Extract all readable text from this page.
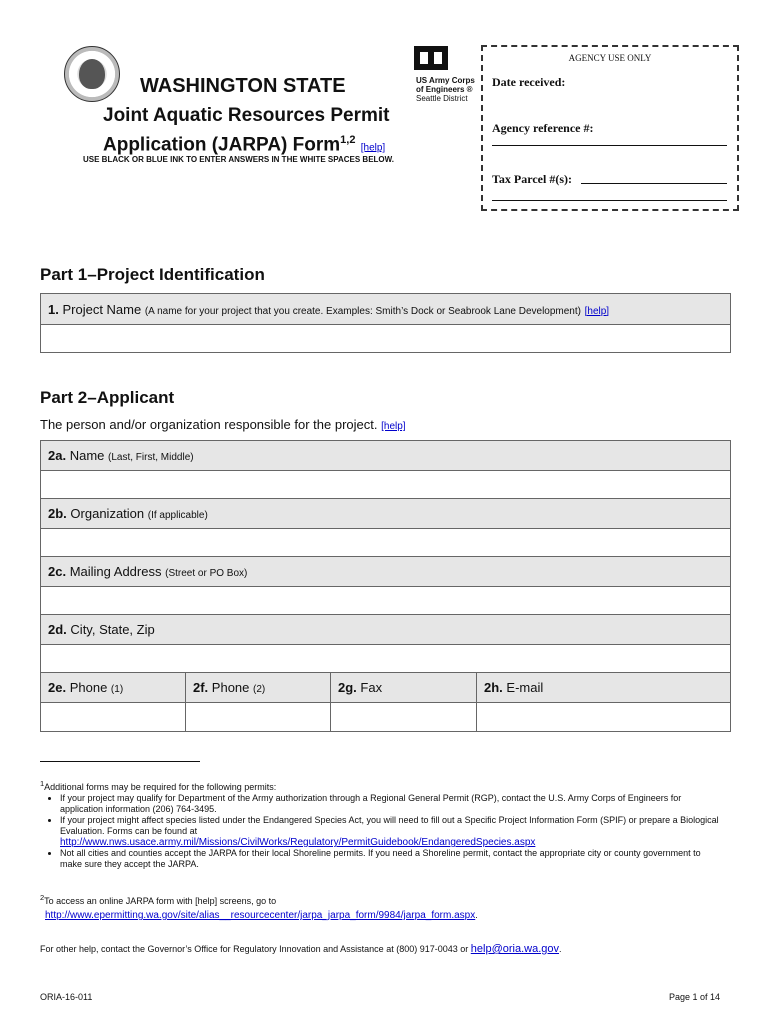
US Army Corps
of Engineers ®
Seattle District
WASHINGTON STATE
Joint Aquatic Resources Permit
Application (JARPA) Form$^{1,2}$ [help]
USE BLACK OR BLUE INK TO ENTER ANSWERS IN THE WHITE SPACES BELOW.
AGENCY USE ONLY
Date received:
Agency reference #:
Tax Parcel #(s):
Part 1–Project Identification
1. Project Name (A name for your project that you create. Examples: Smith’s Dock or Seabrook Lane Development) [help]

Part 2–Applicant
The person and/or organization responsible for the project. [help]
2a. Name (Last, First, Middle)			

2b. Organization (If applicable)			

2c. Mailing Address (Street or PO Box)			

2d. City, State, Zip			

2e. Phone (1)	2f. Phone (2)	2g. Fax	2h. E-mail

$^1$Additional forms may be required for the following permits:
• If your project may qualify for Department of the Army authorization through a Regional General Permit (RGP), contact the U.S. Army Corps of Engineers for application information (206) 764-3495.
• If your project might affect species listed under the Endangered Species Act, you will need to fill out a Specific Project Information Form (SPIF) or prepare a Biological Evaluation. Forms can be found at
http://www.nws.usace.army.mil/Missions/CivilWorks/Regulatory/PermitGuidebook/EndangeredSpecies.aspx
• Not all cities and counties accept the JARPA for their local Shoreline permits. If you need a Shoreline permit, contact the appropriate city or county government to make sure they accept the JARPA.
$^2$To access an online JARPA form with [help] screens, go to
http://www.epermitting.wa.gov/site/alias__resourcecenter/jarpa_jarpa_form/9984/jarpa_form.aspx.
For other help, contact the Governor’s Office for Regulatory Innovation and Assistance at (800) 917-0043 or help@oria.wa.gov.
ORIA-16-011	Page 1 of 14
